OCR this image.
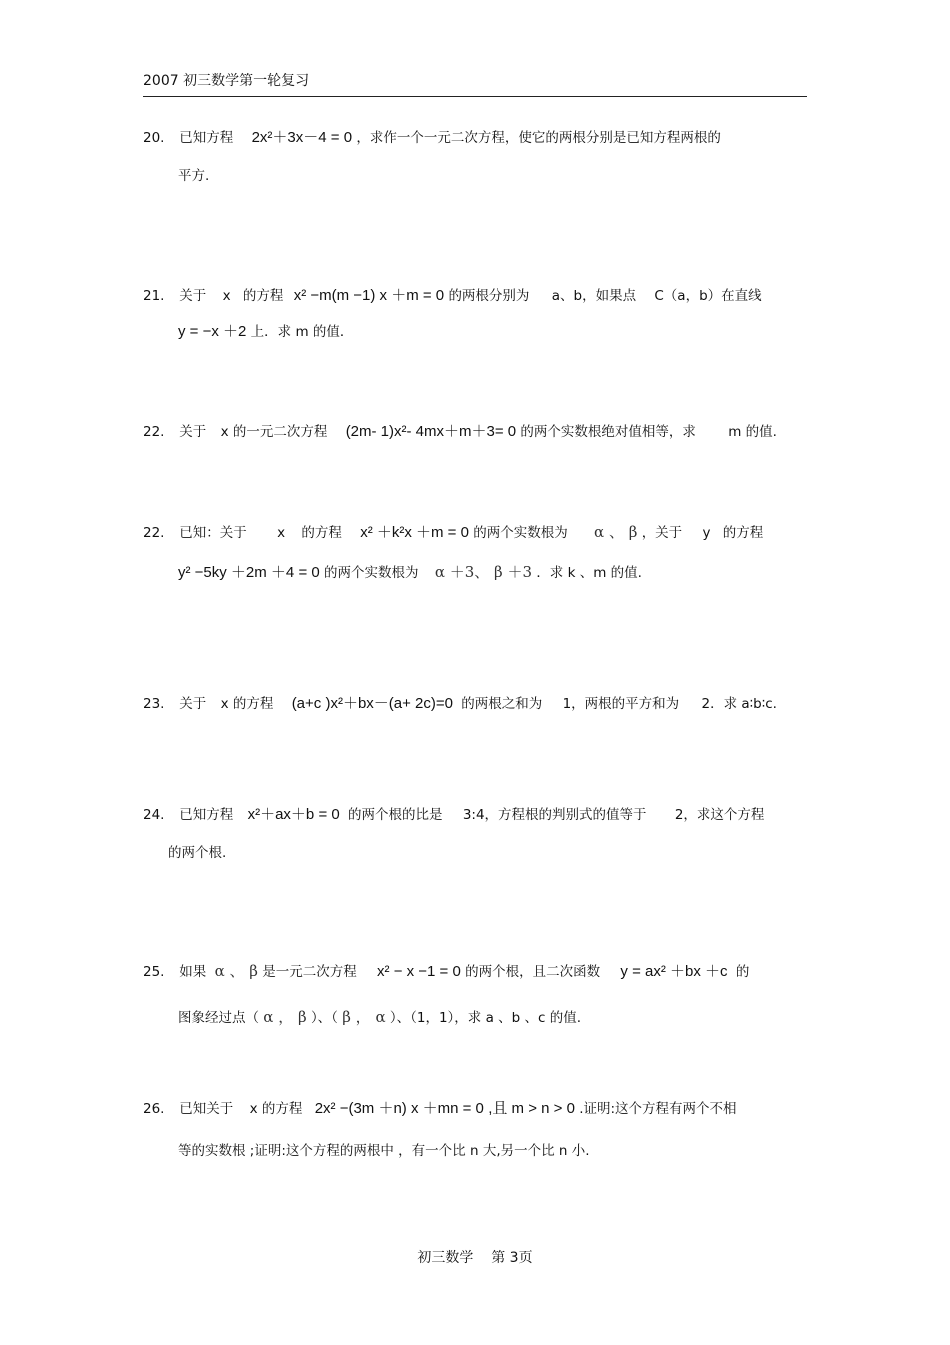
2007 初三数学第一轮复习
20. 已知方程 2x²＋3x－4 = 0 ，求作一个一元二次方程，使它的两根分别是已知方程两根的
平方.
21. 关于 x 的方程 x² −m(m −1) x ＋m = 0 的两根分别为 a、b，如果点 C（a，b）在直线
y = −x ＋2 上．求 m 的值．
22. 关于 x 的一元二次方程 (2m- 1)x²- 4mx＋m＋3= 0 的两个实数根绝对值相等，求 m 的值.
22. 已知：关于 x 的方程 x² ＋k²x ＋m = 0 的两个实数根为 α 、 β ，关于 y 的方程
y² −5ky ＋2m ＋4 = 0 的两个实数根为 α ＋3、 β ＋3 ．求 k 、m 的值.
23. 关于 x 的方程 (a+c )x²＋bx－(a+ 2c)=0 的两根之和为 1，两根的平方和为 2．求 a∶b∶c.
24. 已知方程 x²＋ax＋b = 0 的两个根的比是 3:4，方程根的判别式的值等于 2，求这个方程
的两个根.
25. 如果 α 、 β 是一元二次方程 x² − x −1 = 0 的两个根，且二次函数 y = ax² ＋bx ＋c 的
图象经过点（ α ， β ）、（ β ， α ）、（1，1），求 a 、b 、c 的值.
26. 已知关于 x 的方程 2x² −(3m ＋n) x ＋mn = 0 ,且 m > n > 0 .证明:这个方程有两个不相
等的实数根 ;证明:这个方程的两根中 ，有一个比 n 大,另一个比 n 小.
初三数学    第 3页
